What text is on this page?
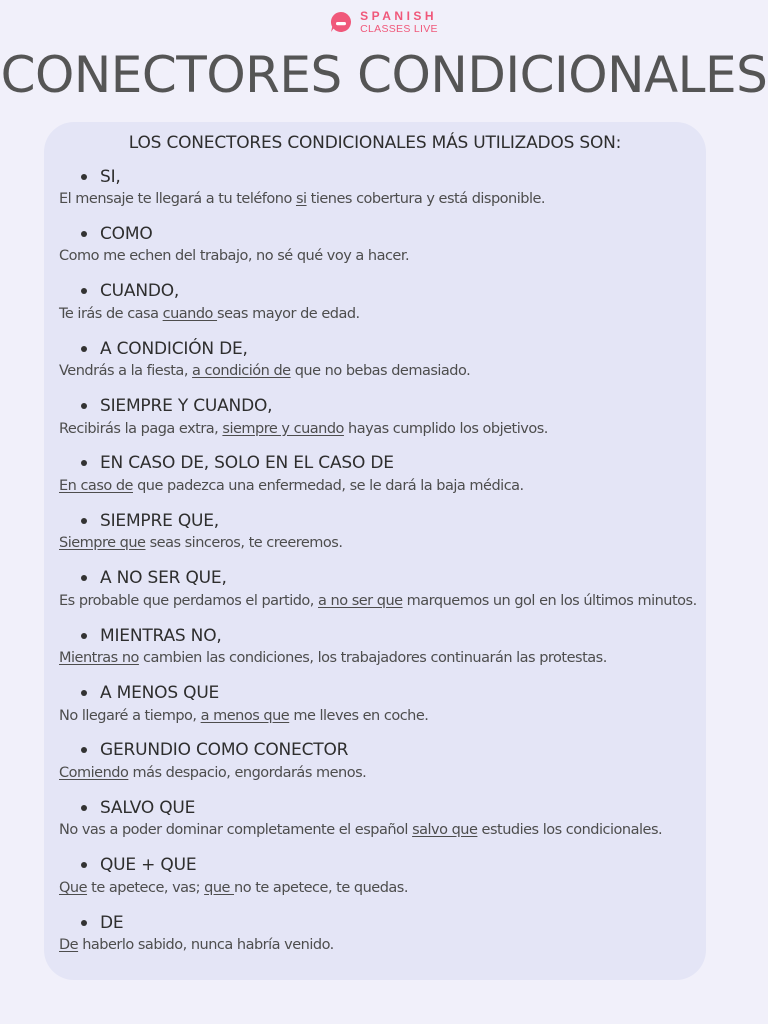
SPANISH
CLASSES LIVE
CONECTORES CONDICIONALES
LOS CONECTORES CONDICIONALES MÁS UTILIZADOS SON:
SI,
El mensaje te llegará a tu teléfono si tienes cobertura y está disponible.
COMO
Como me echen del trabajo, no sé qué voy a hacer.
CUANDO,
Te irás de casa cuando seas mayor de edad.
A CONDICIÓN DE,
Vendrás a la fiesta, a condición de que no bebas demasiado.
SIEMPRE Y CUANDO,
Recibirás la paga extra, siempre y cuando hayas cumplido los objetivos.
EN CASO DE, SOLO EN EL CASO DE
En caso de que padezca una enfermedad, se le dará la baja médica.
SIEMPRE QUE,
Siempre que seas sinceros, te creeremos.
A NO SER QUE,
Es probable que perdamos el partido, a no ser que marquemos un gol en los últimos minutos.
MIENTRAS NO,
Mientras no cambien las condiciones, los trabajadores continuarán las protestas.
A MENOS QUE
No llegaré a tiempo, a menos que me lleves en coche.
GERUNDIO COMO CONECTOR
Comiendo más despacio, engordarás menos.
SALVO QUE
No vas a poder dominar completamente el español salvo que estudies los condicionales.
QUE + QUE
Que te apetece, vas; que no te apetece, te quedas.
DE
De haberlo sabido, nunca habría venido.
